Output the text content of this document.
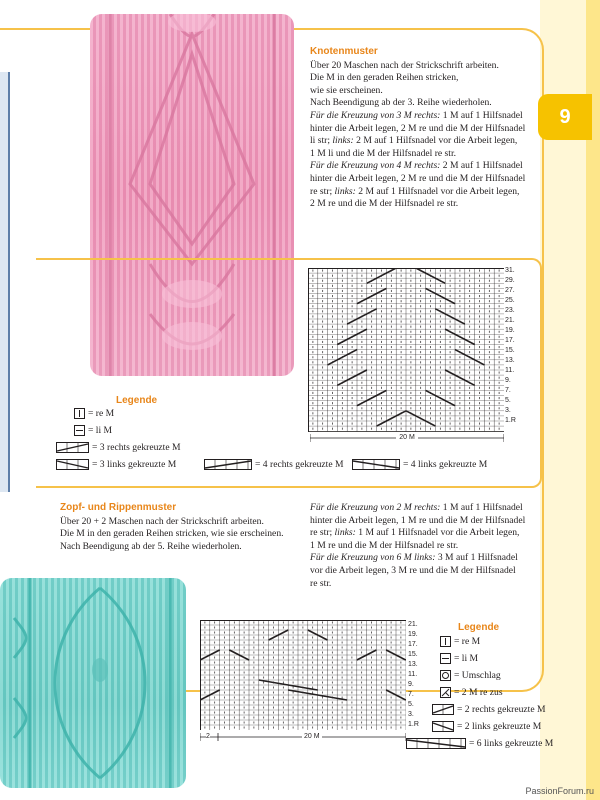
9
Knotenmuster
Über 20 Maschen nach der Strickschrift arbeiten.
Die M in den geraden Reihen stricken,
wie sie erscheinen.
Nach Beendigung ab der 3. Reihe wiederholen.
Für die Kreuzung von 3 M rechts: 1 M auf 1 Hilfsnadel
hinter die Arbeit legen, 2 M re und die M der Hilfsnadel
li str; links: 2 M auf 1 Hilfsnadel vor die Arbeit legen,
1 M li und die M der Hilfsnadel re str.
Für die Kreuzung von 4 M rechts: 2 M auf 1 Hilfsnadel
hinter die Arbeit legen, 2 M re und die M der Hilfsnadel
re str; links: 2 M auf 1 Hilfsnadel vor die Arbeit legen,
2 M re und die M der Hilfsnadel re str.
Legende
= re M
= li M
= 3 rechts gekreuzte M
= 3 links gekreuzte M	= 4 rechts gekreuzte M	= 4 links gekreuzte M
31.
29.
27.
25.
23.
21.
19.
17.
15.
13.
11.
9.
7.
5.
3.
1.R
20 M
Zopf- und Rippenmuster
Über 20 + 2 Maschen nach der Strickschrift arbeiten.
Die M in den geraden Reihen stricken, wie sie erscheinen.
Nach Beendigung ab der 5. Reihe wiederholen.
Für die Kreuzung von 2 M rechts: 1 M auf 1 Hilfsnadel
hinter die Arbeit legen, 1 M re und die M der Hilfsnadel
re str; links: 1 M auf 1 Hilfsnadel vor die Arbeit legen,
1 M re und die M der Hilfsnadel re str.
Für die Kreuzung von 6 M links: 3 M auf 1 Hilfsnadel
vor die Arbeit legen, 3 M re und die M der Hilfsnadel
re str.
21.
19.
17.
15.
13.
11.
9.
7.
5.
3.
1.R
2	20 M
Legende
= re M
= li M
= Umschlag
= 2 M re zus
= 2 rechts gekreuzte M
= 2 links gekreuzte M
= 6 links gekreuzte M
PassionForum.ru
